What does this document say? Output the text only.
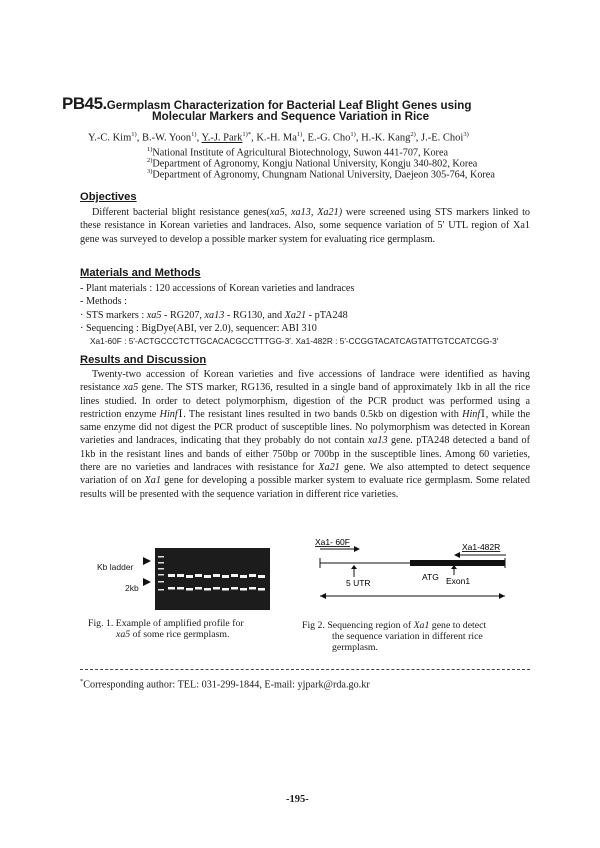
PB45.Germplasm Characterization for Bacterial Leaf Blight Genes using
Molecular Markers and Sequence Variation in Rice
Y.-C. Kim$^{1)}$, B.-W. Yoon$^{1)}$, Y.-J. Park$^{1)*}$, K.-H. Ma$^{1)}$, E.-G. Cho$^{1)}$, H.-K. Kang$^{2)}$, J.-E. Choi$^{3)}$
$^{1)}$National Institute of Agricultural Biotechnology, Suwon 441-707, Korea
$^{2)}$Department of Agronomy, Kongju National University, Kongju 340-802, Korea
$^{3)}$Department of Agronomy, Chungnam National University, Daejeon 305-764, Korea
Objectives

Different bacterial blight resistance genes(xa5, xa13, Xa21) were screened using STS markers linked to these resistance in Korean varieties and landraces. Also, some sequence variation of 5′ UTL region of Xa1 gene was surveyed to develop a possible marker system for evaluating rice germplasm.

Materials and Methods
- Plant materials : 120 accessions of Korean varieties and landraces
- Methods :
· STS markers : xa5 - RG207, xa13 - RG130, and Xa21 - pTA248
· Sequencing : BigDye(ABI, ver 2.0), sequencer: ABI 310
Xa1-60F : 5′-ACTGCCCTCTTGCACACGCCTTTGG-3′. Xa1-482R : 5′-CCGGTACATCAGTATTGTCCATCGG-3′
Results and Discussion

Twenty-two accession of Korean varieties and five accessions of landrace were identified as having resistance xa5 gene. The STS marker, RG136, resulted in a single band of approximately 1kb in all the rice lines studied. In order to detect polymorphism, digestion of the PCR product was performed using a restriction enzyme HinfⅠ. The resistant lines resulted in two bands 0.5kb on digestion with HinfⅠ, while the same enzyme did not digest the PCR product of susceptible lines. No polymorphism was detected in Korean varieties and landraces, indicating that they probably do not contain xa13 gene. pTA248 detected a band of 1kb in the resistant lines and bands of either 750bp or 700bp in the susceptible lines. Among 60 varieties, there are no varieties and landraces with resistance for Xa21 gene. We also attempted to detect sequence variation of on Xa1 gene for developing a possible marker system to evaluate rice germplasm. Some related results will be presented with the sequence variation in different rice varieties.

Kb ladder
2kb
Fig. 1. Example of amplified profile for
xa5 of some rice germplasm.
Xa1- 60F	Xa1-482R
5 UTR
ATG Exon1
Fig 2. Sequencing region of Xa1 gene to detect
the sequence variation in different rice
germplasm.
*Corresponding author: TEL: 031-299-1844, E-mail: yjpark@rda.go.kr
-195-
